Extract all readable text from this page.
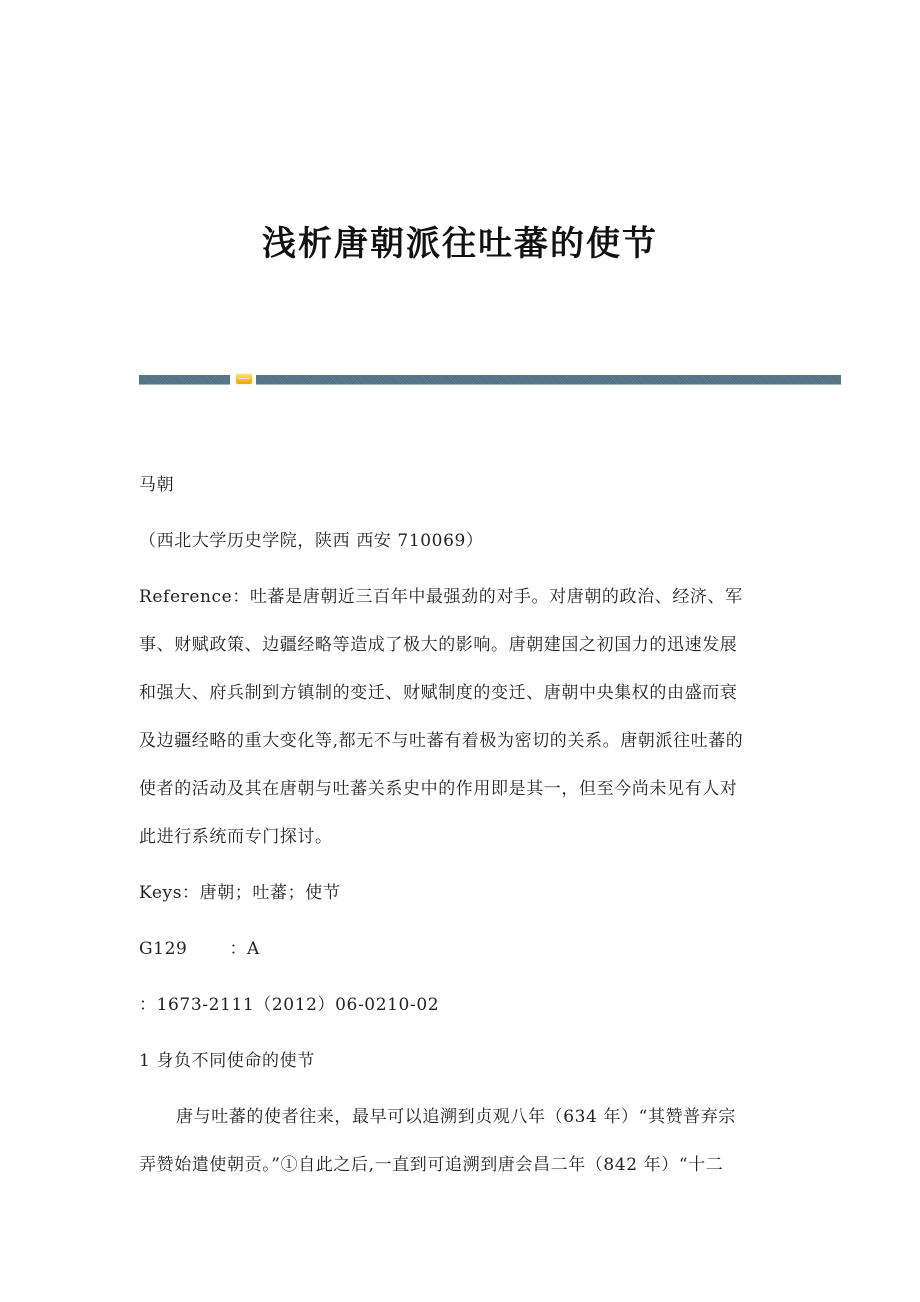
浅析唐朝派往吐蕃的使节
马朝
（西北大学历史学院，陕西 西安 710069）
Reference：吐蕃是唐朝近三百年中最强劲的对手。对唐朝的政治、经济、军
事、财赋政策、边疆经略等造成了极大的影响。唐朝建国之初国力的迅速发展
和强大、府兵制到方镇制的变迁、财赋制度的变迁、唐朝中央集权的由盛而衰
及边疆经略的重大变化等,都无不与吐蕃有着极为密切的关系。唐朝派往吐蕃的
使者的活动及其在唐朝与吐蕃关系史中的作用即是其一，但至今尚未见有人对
此进行系统而专门探讨。
Keys：唐朝；吐蕃；使节
G129       ：A
：1673-2111（2012）06-0210-02
1 身负不同使命的使节
唐与吐蕃的使者往来，最早可以追溯到贞观八年（634 年）“其赞普弃宗
弄赞始遣使朝贡。”①自此之后,一直到可追溯到唐会昌二年（842 年）“十二
